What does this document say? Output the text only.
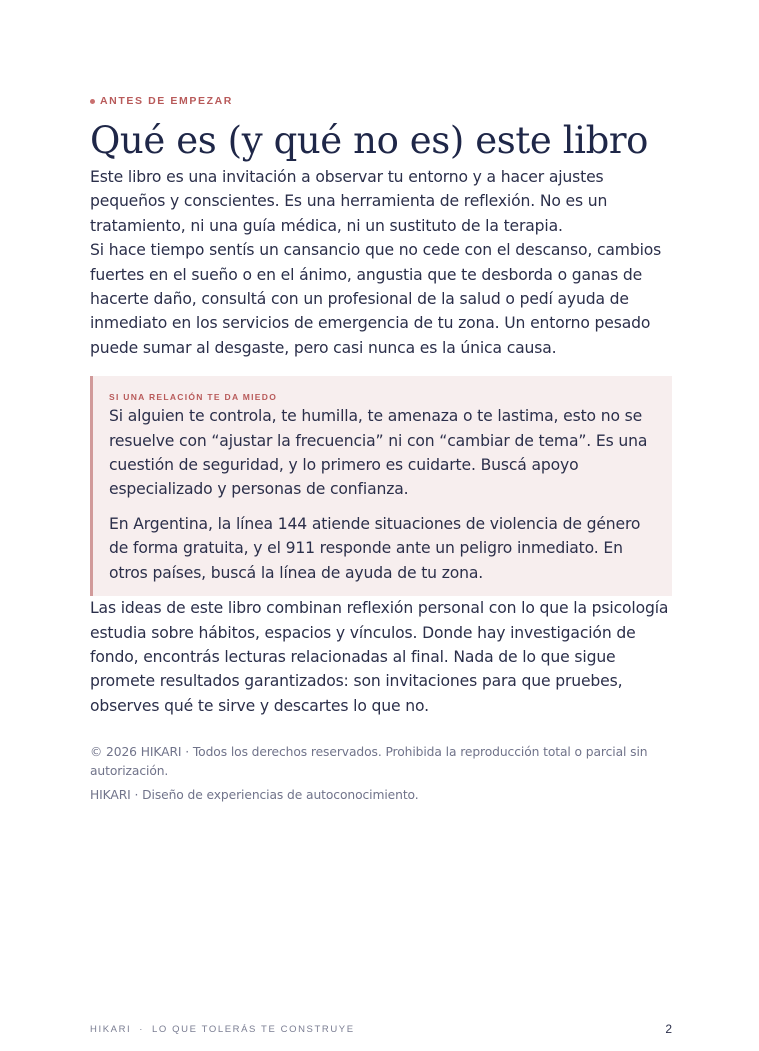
ANTES DE EMPEZAR
Qué es (y qué no es) este libro

Este libro es una invitación a observar tu entorno y a hacer ajustes pequeños y conscientes. Es una herramienta de reflexión. No es un tratamiento, ni una guía médica, ni un sustituto de la terapia.

Si hace tiempo sentís un cansancio que no cede con el descanso, cambios fuertes en el sueño o en el ánimo, angustia que te desborda o ganas de hacerte daño, consultá con un profesional de la salud o pedí ayuda de inmediato en los servicios de emergencia de tu zona. Un entorno pesado puede sumar al desgaste, pero casi nunca es la única causa.

SI UNA RELACIÓN TE DA MIEDO

Si alguien te controla, te humilla, te amenaza o te lastima, esto no se resuelve con “ajustar la frecuencia” ni con “cambiar de tema”. Es una cuestión de seguridad, y lo primero es cuidarte. Buscá apoyo especializado y personas de confianza.

En Argentina, la línea 144 atiende situaciones de violencia de género de forma gratuita, y el 911 responde ante un peligro inmediato. En otros países, buscá la línea de ayuda de tu zona.

Las ideas de este libro combinan reflexión personal con lo que la psicología estudia sobre hábitos, espacios y vínculos. Donde hay investigación de fondo, encontrás lecturas relacionadas al final. Nada de lo que sigue promete resultados garantizados: son invitaciones para que pruebes, observes qué te sirve y descartes lo que no.

© 2026 HIKARI · Todos los derechos reservados. Prohibida la reproducción total o parcial sin autorización.

HIKARI · Diseño de experiencias de autoconocimiento.

HIKARI · LO QUE TOLERÁS TE CONSTRUYE	2
